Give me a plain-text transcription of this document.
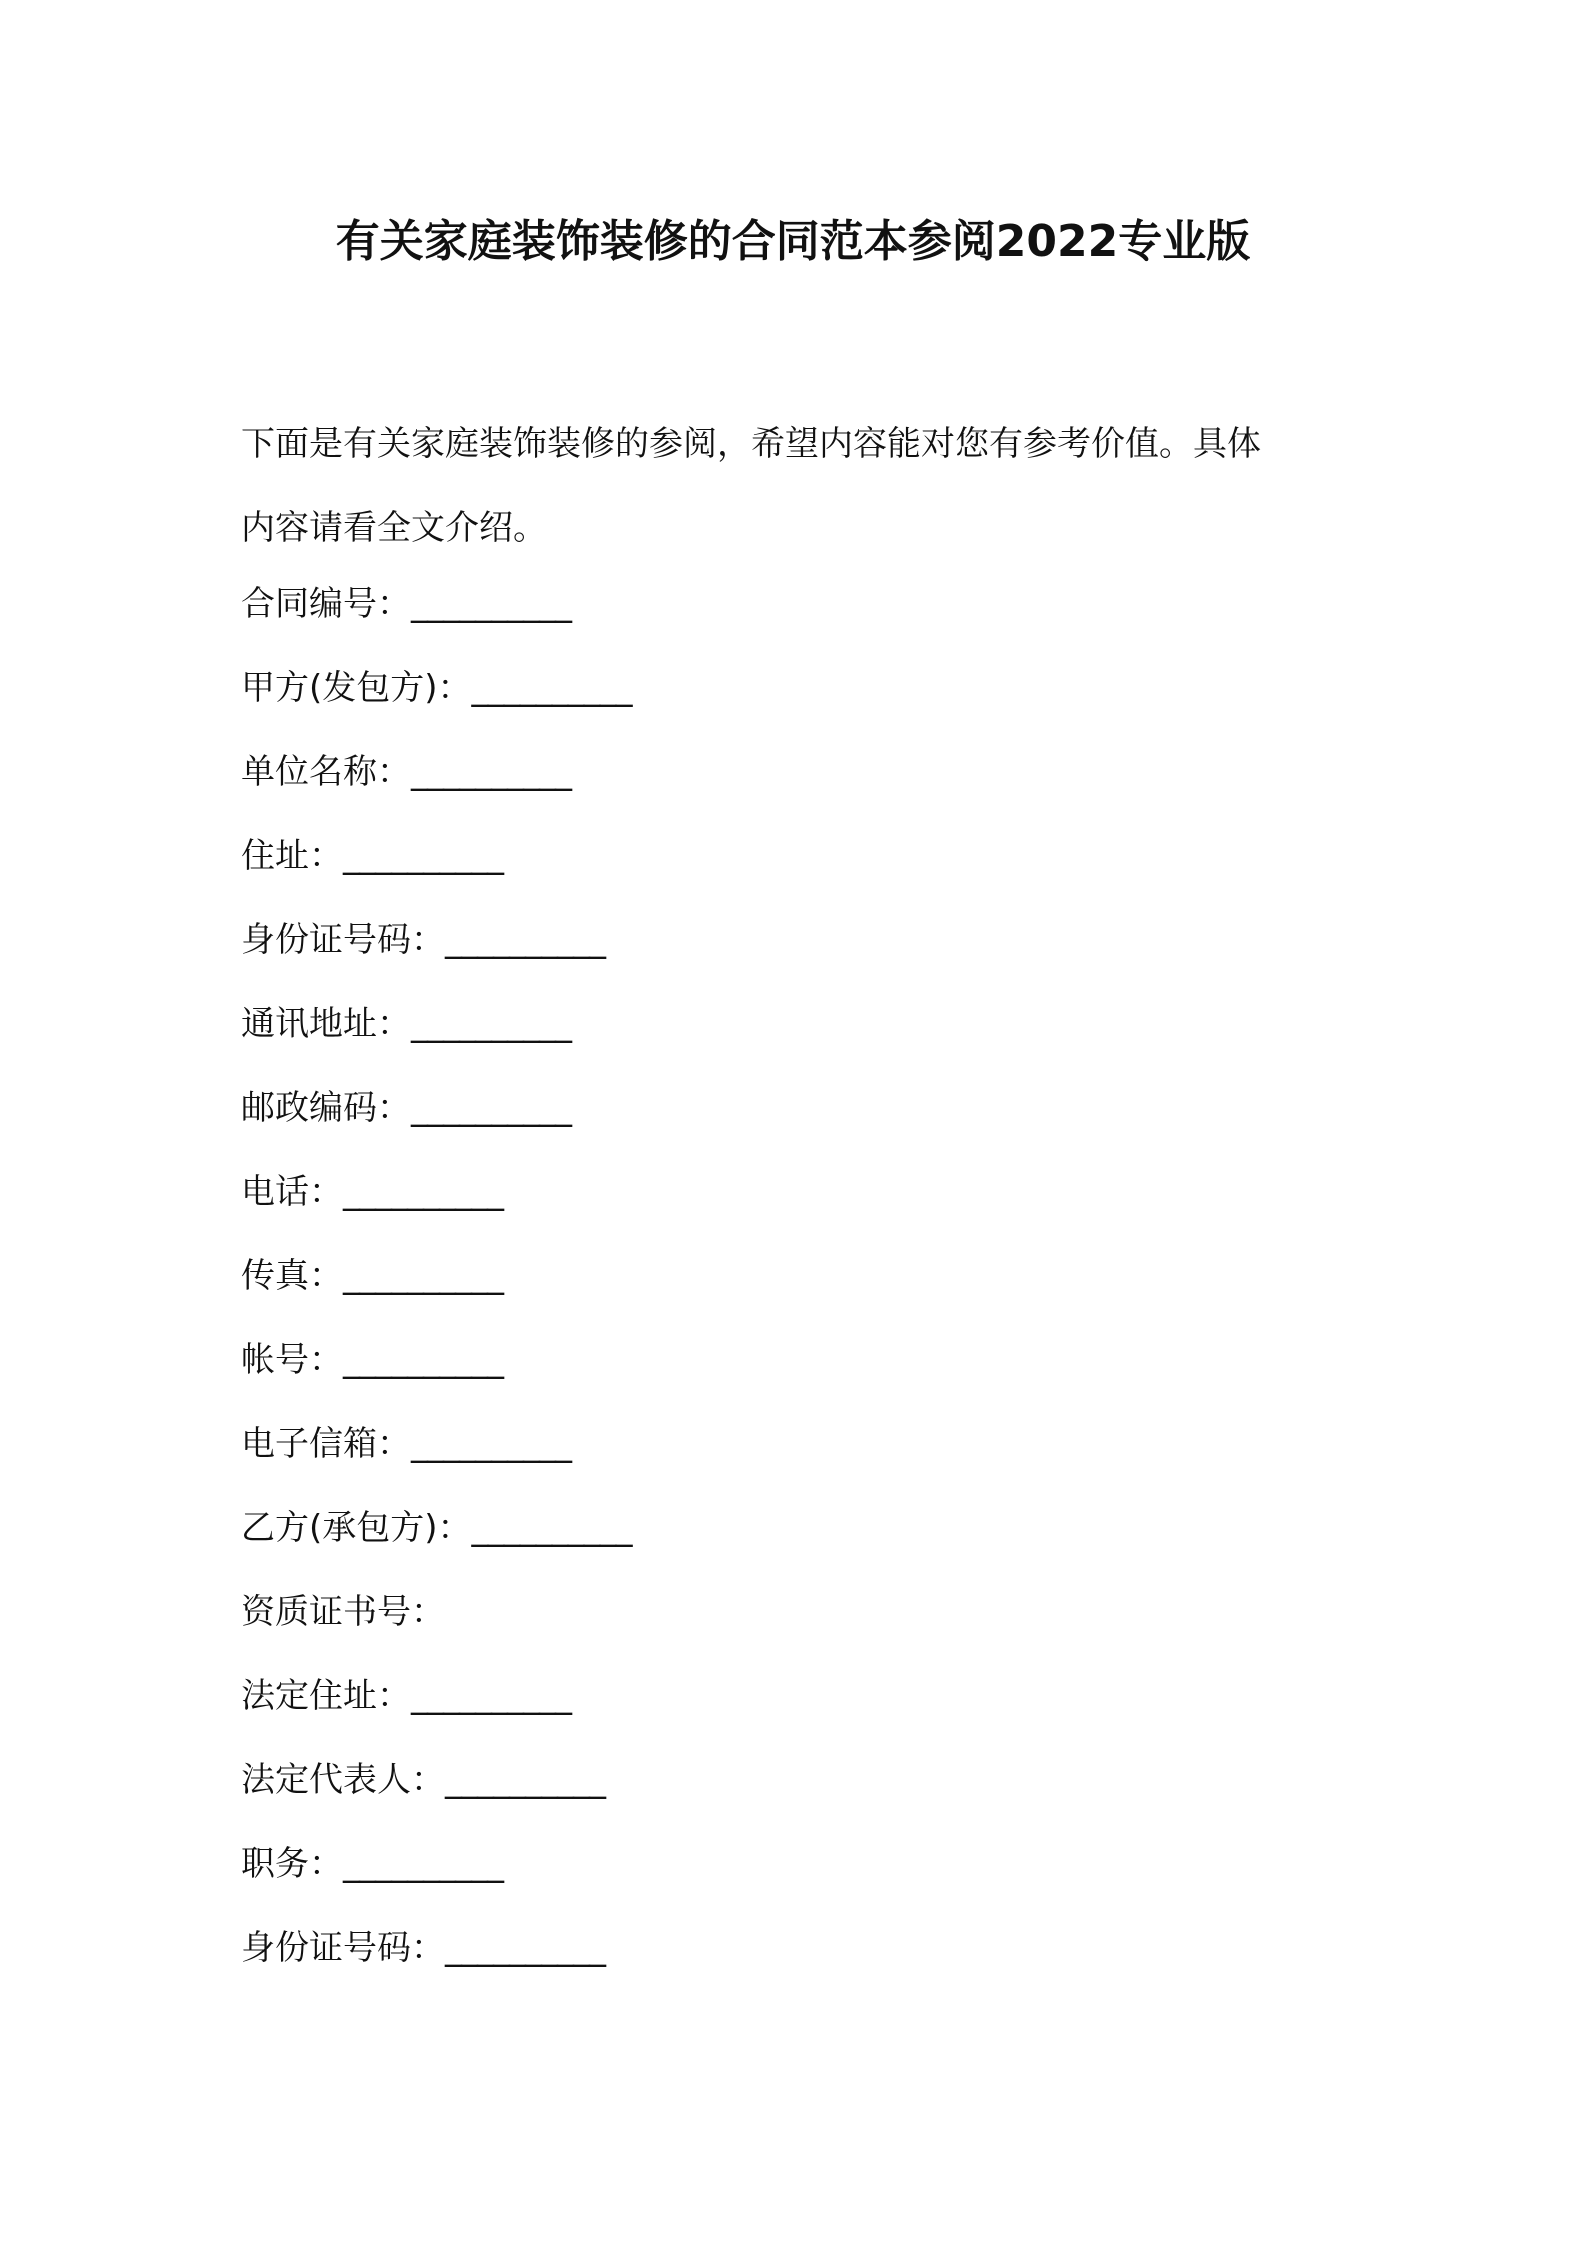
有关家庭装饰装修的合同范本参阅2022专业版
下面是有关家庭装饰装修的参阅，希望内容能对您有参考价值。具体
内容请看全文介绍。
合同编号：__________
甲方(发包方)：__________
单位名称：__________
住址：__________
身份证号码：__________
通讯地址：__________
邮政编码：__________
电话：__________
传真：__________
帐号：__________
电子信箱：__________
乙方(承包方)：__________
资质证书号：
法定住址：__________
法定代表人：__________
职务：__________
身份证号码：__________
